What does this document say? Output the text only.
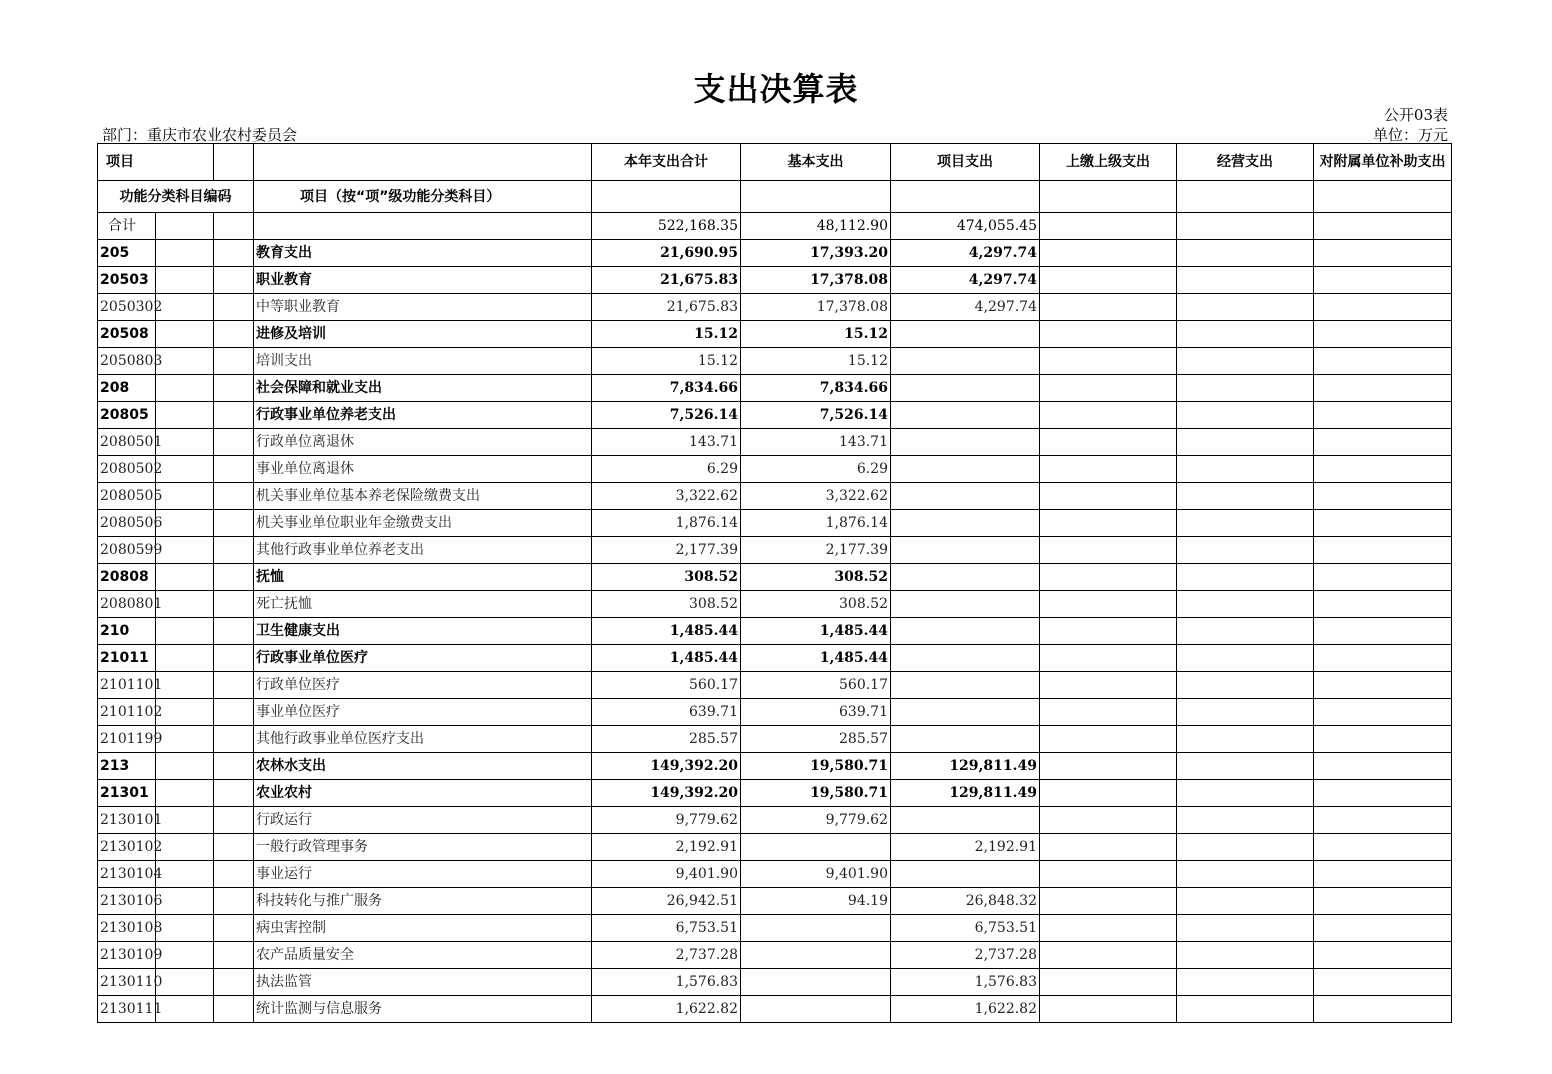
支出决算表
公开03表
部门：重庆市农业农村委员会	单位：万元
项目				本年支出合计	基本支出	项目支出	上缴上级支出	经营支出	对附属单位补助支出
功能分类科目编码			项目（按“项”级功能分类科目）						
合计				522,168.35	48,112.90	474,055.45			
205			教育支出	21,690.95	17,393.20	4,297.74			
20503			职业教育	21,675.83	17,378.08	4,297.74			
2050302			中等职业教育	21,675.83	17,378.08	4,297.74			
20508			进修及培训	15.12	15.12				
2050803			培训支出	15.12	15.12				
208			社会保障和就业支出	7,834.66	7,834.66				
20805			行政事业单位养老支出	7,526.14	7,526.14				
2080501			行政单位离退休	143.71	143.71				
2080502			事业单位离退休	6.29	6.29				
2080505			机关事业单位基本养老保险缴费支出	3,322.62	3,322.62				
2080506			机关事业单位职业年金缴费支出	1,876.14	1,876.14				
2080599			其他行政事业单位养老支出	2,177.39	2,177.39				
20808			抚恤	308.52	308.52				
2080801			死亡抚恤	308.52	308.52				
210			卫生健康支出	1,485.44	1,485.44				
21011			行政事业单位医疗	1,485.44	1,485.44				
2101101			行政单位医疗	560.17	560.17				
2101102			事业单位医疗	639.71	639.71				
2101199			其他行政事业单位医疗支出	285.57	285.57				
213			农林水支出	149,392.20	19,580.71	129,811.49			
21301			农业农村	149,392.20	19,580.71	129,811.49			
2130101			行政运行	9,779.62	9,779.62				
2130102			一般行政管理事务	2,192.91		2,192.91			
2130104			事业运行	9,401.90	9,401.90				
2130106			科技转化与推广服务	26,942.51	94.19	26,848.32			
2130108			病虫害控制	6,753.51		6,753.51			
2130109			农产品质量安全	2,737.28		2,737.28			
2130110			执法监管	1,576.83		1,576.83			
2130111			统计监测与信息服务	1,622.82		1,622.82			
